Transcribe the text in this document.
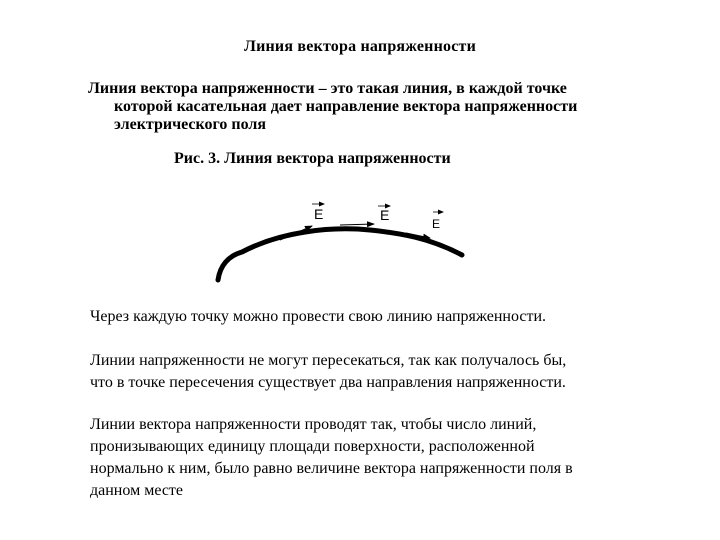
Линия вектора напряженности
Линия вектора напряженности – это такая линия, в каждой точке
которой касательная дает направление вектора напряженности
электрического поля
Рис. 3. Линия вектора напряженности
E	E
E
Через каждую точку можно провести свою линию напряженности.
Линии напряженности не могут пересекаться, так как получалось бы,
что в точке пересечения существует два направления напряженности.
Линии вектора напряженности проводят так, чтобы число линий,
пронизывающих единицу площади поверхности, расположенной
нормально к ним, было равно величине вектора напряженности поля в
данном месте
